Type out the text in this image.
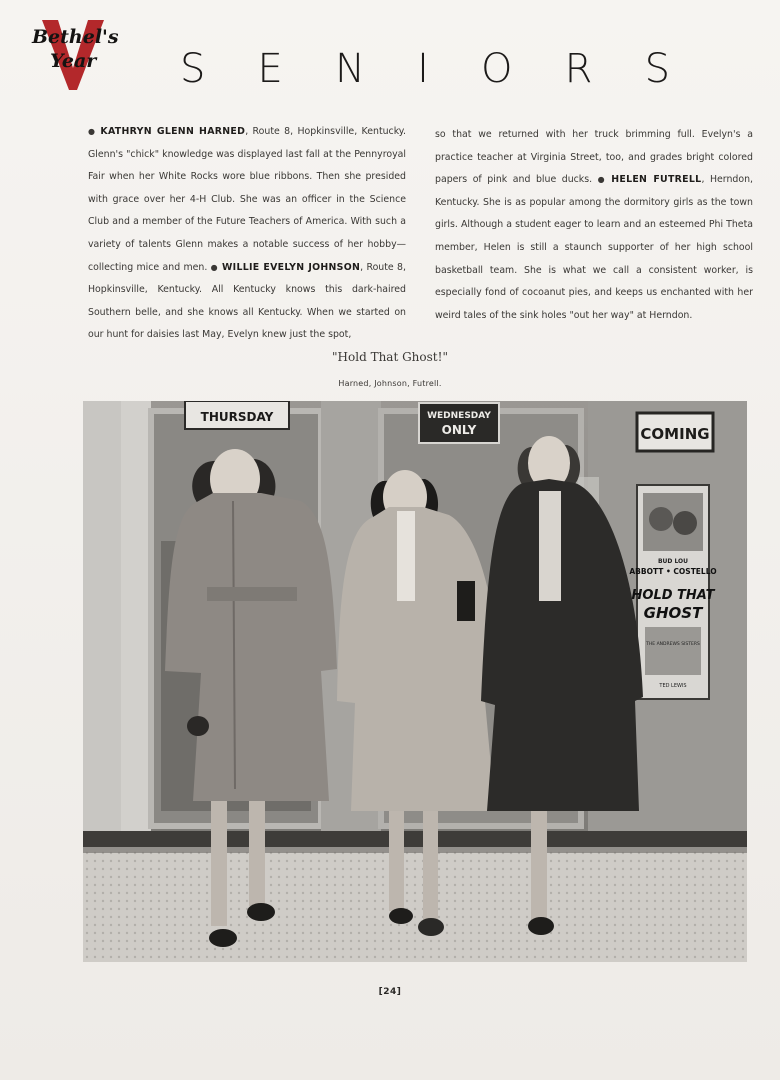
Bethel's
Year S E N I O R S

● KATHRYN GLENN HARNED, Route 8, Hopkinsville, Kentucky. Glenn's "chick" knowledge was displayed last fall at the Pennyroyal Fair when her White Rocks wore blue ribbons. Then she presided with grace over her 4-H Club. She was an officer in the Science Club and a member of the Future Teachers of America. With such a variety of talents Glenn makes a notable success of her hobby—collecting mice and men. ● WILLIE EVELYN JOHNSON, Route 8, Hopkinsville, Kentucky. All Kentucky knows this dark-haired Southern belle, and she knows all Kentucky. When we started on our hunt for daisies last May, Evelyn knew just the spot,

so that we returned with her truck brimming full. Evelyn's a practice teacher at Virginia Street, too, and grades bright colored papers of pink and blue ducks. ● HELEN FUTRELL, Herndon, Kentucky. She is as popular among the dormitory girls as the town girls. Although a student eager to learn and an esteemed Phi Theta member, Helen is still a staunch supporter of her high school basketball team. She is what we call a consistent worker, is especially fond of cocoanut pies, and keeps us enchanted with her weird tales of the sink holes "out her way" at Herndon.

"Hold That Ghost!"
Harned, Johnson, Futrell.
THURSDAY	WEDNESDAY
ONLY	COMING
BUD LOU
ABBOTT • COSTELLO
HOLD THAT
GHOST
THE ANDREWS SISTERS
TED LEWIS
[24]
